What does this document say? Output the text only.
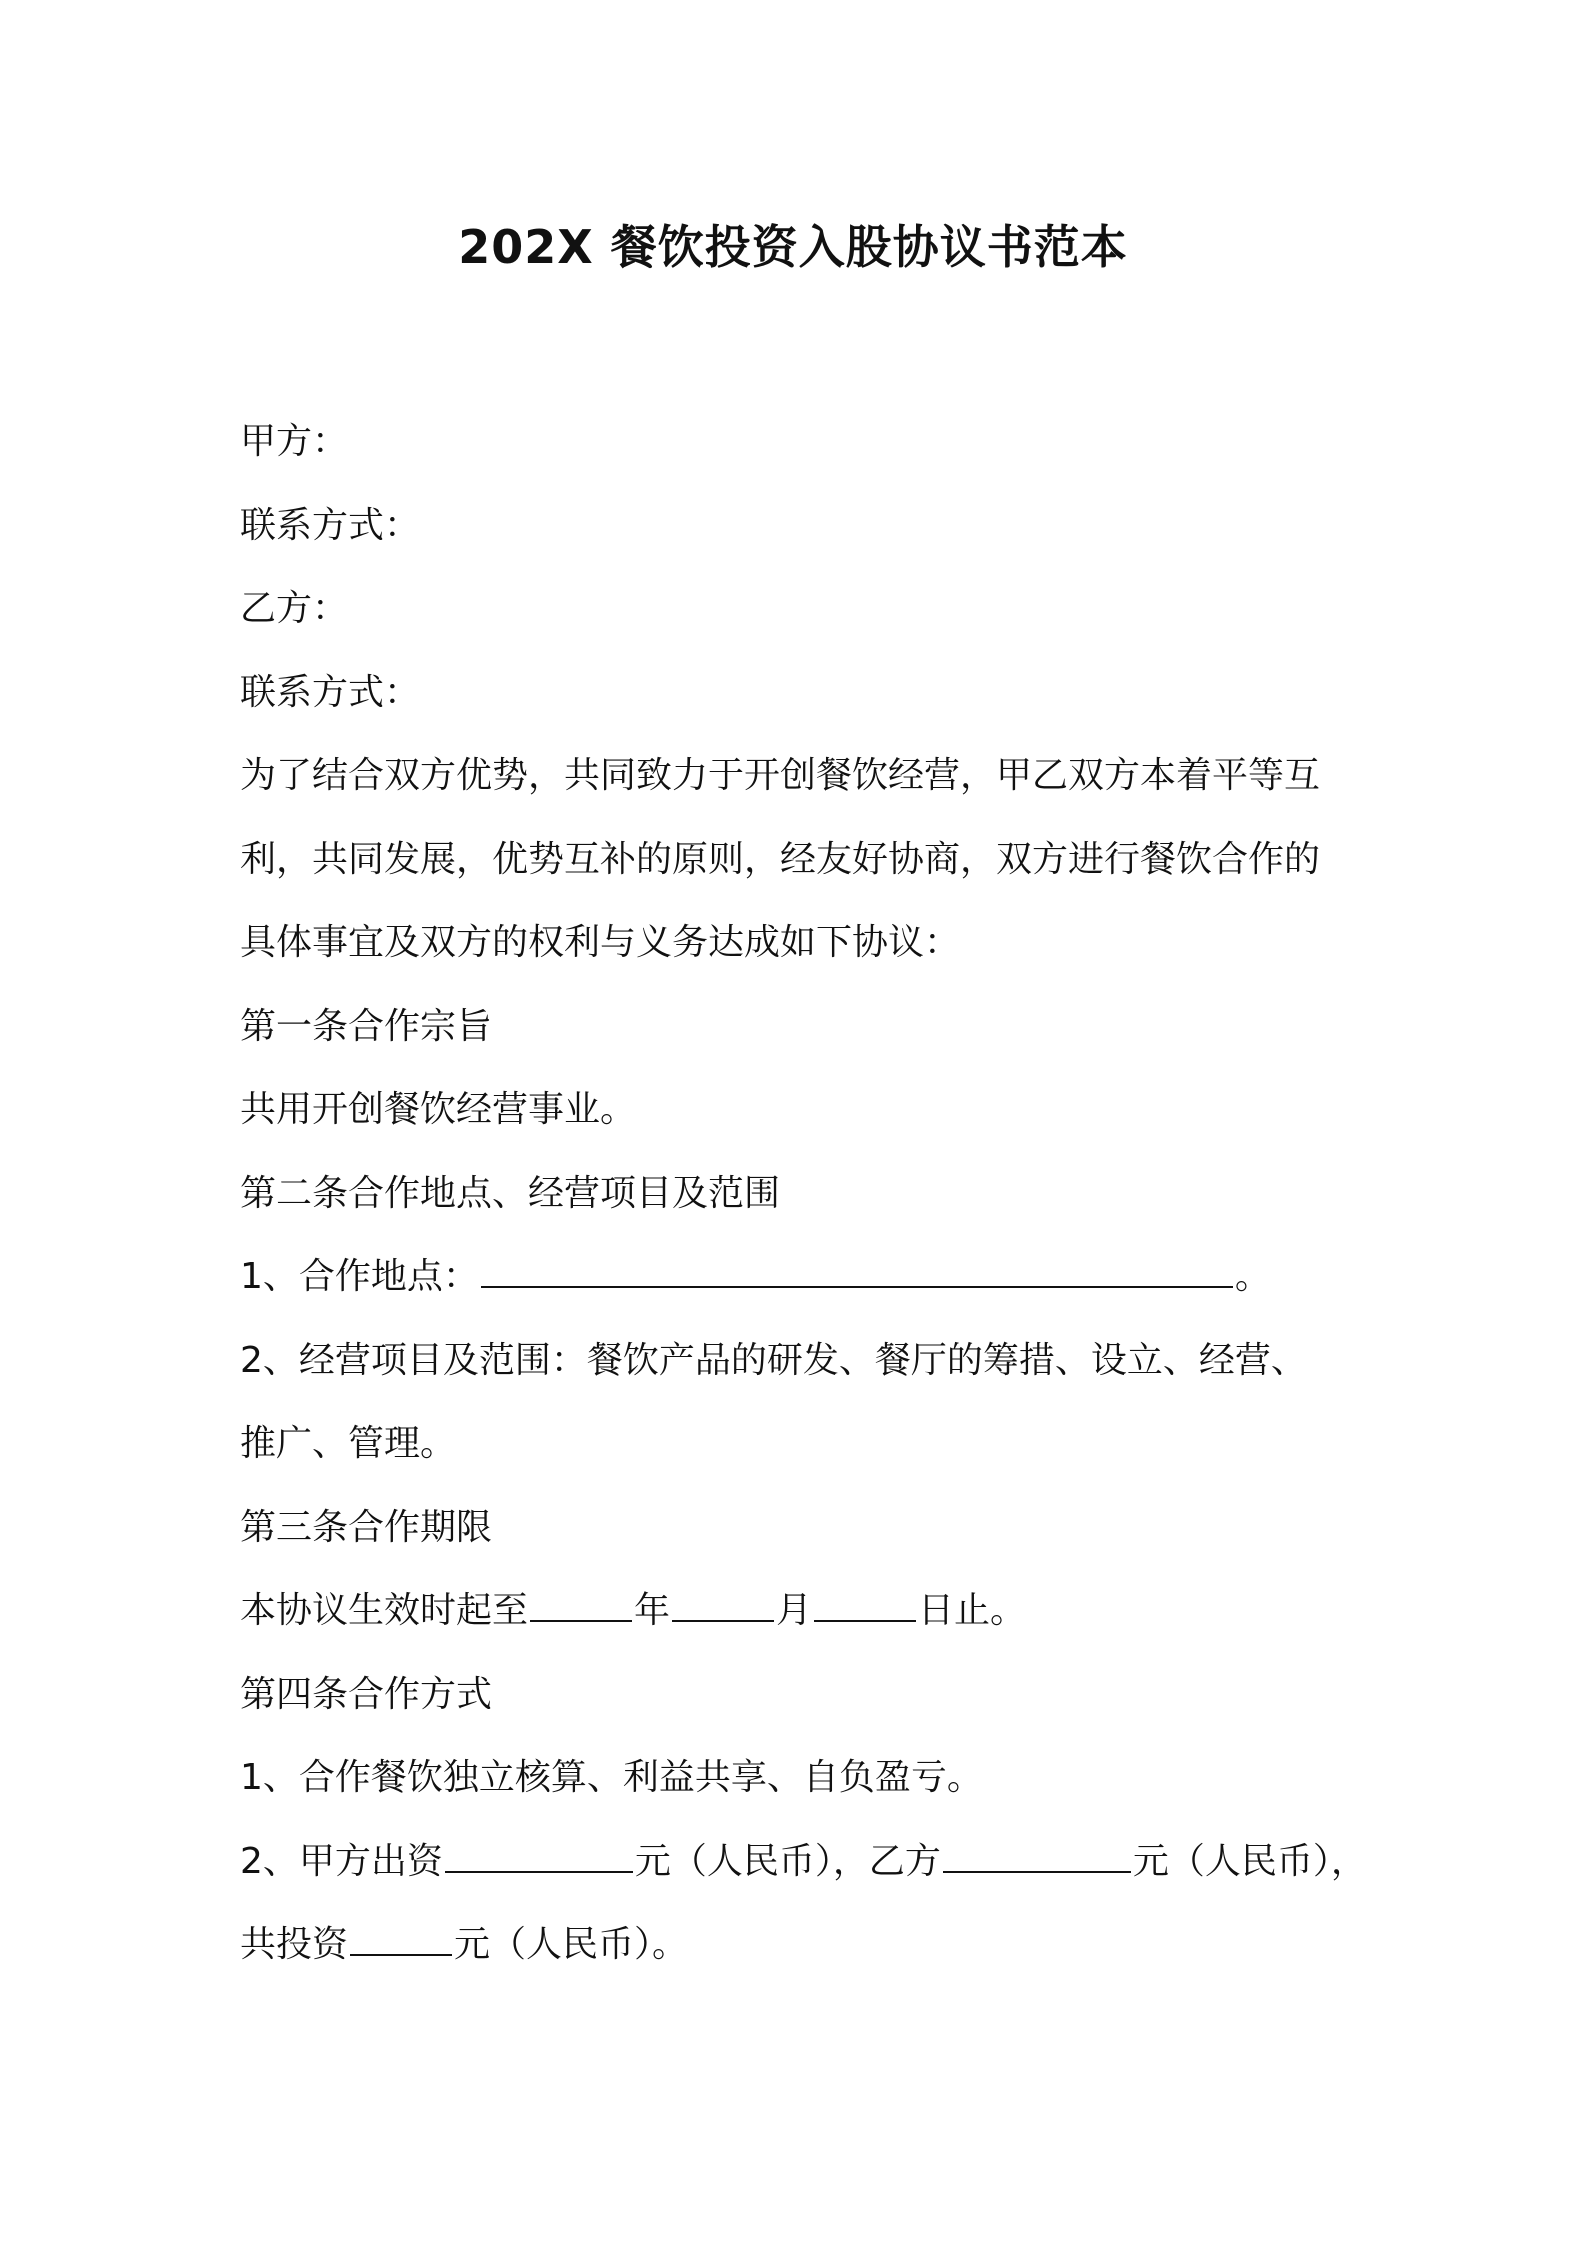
202X 餐饮投资入股协议书范本

甲方：

联系方式：

乙方：

联系方式：

为了结合双方优势，共同致力于开创餐饮经营，甲乙双方本着平等互

利，共同发展，优势互补的原则，经友好协商，双方进行餐饮合作的

具体事宜及双方的权利与义务达成如下协议：

第一条合作宗旨

共用开创餐饮经营事业。

第二条合作地点、经营项目及范围

1、合作地点：	。

2、经营项目及范围：餐饮产品的研发、餐厅的筹措、设立、经营、

推广、管理。

第三条合作期限

本协议生效时起至	年	月	日止。

第四条合作方式

1、合作餐饮独立核算、利益共享、自负盈亏。

2、甲方出资	元（人民币），乙方	元（人民币），

共投资	元（人民币）。
